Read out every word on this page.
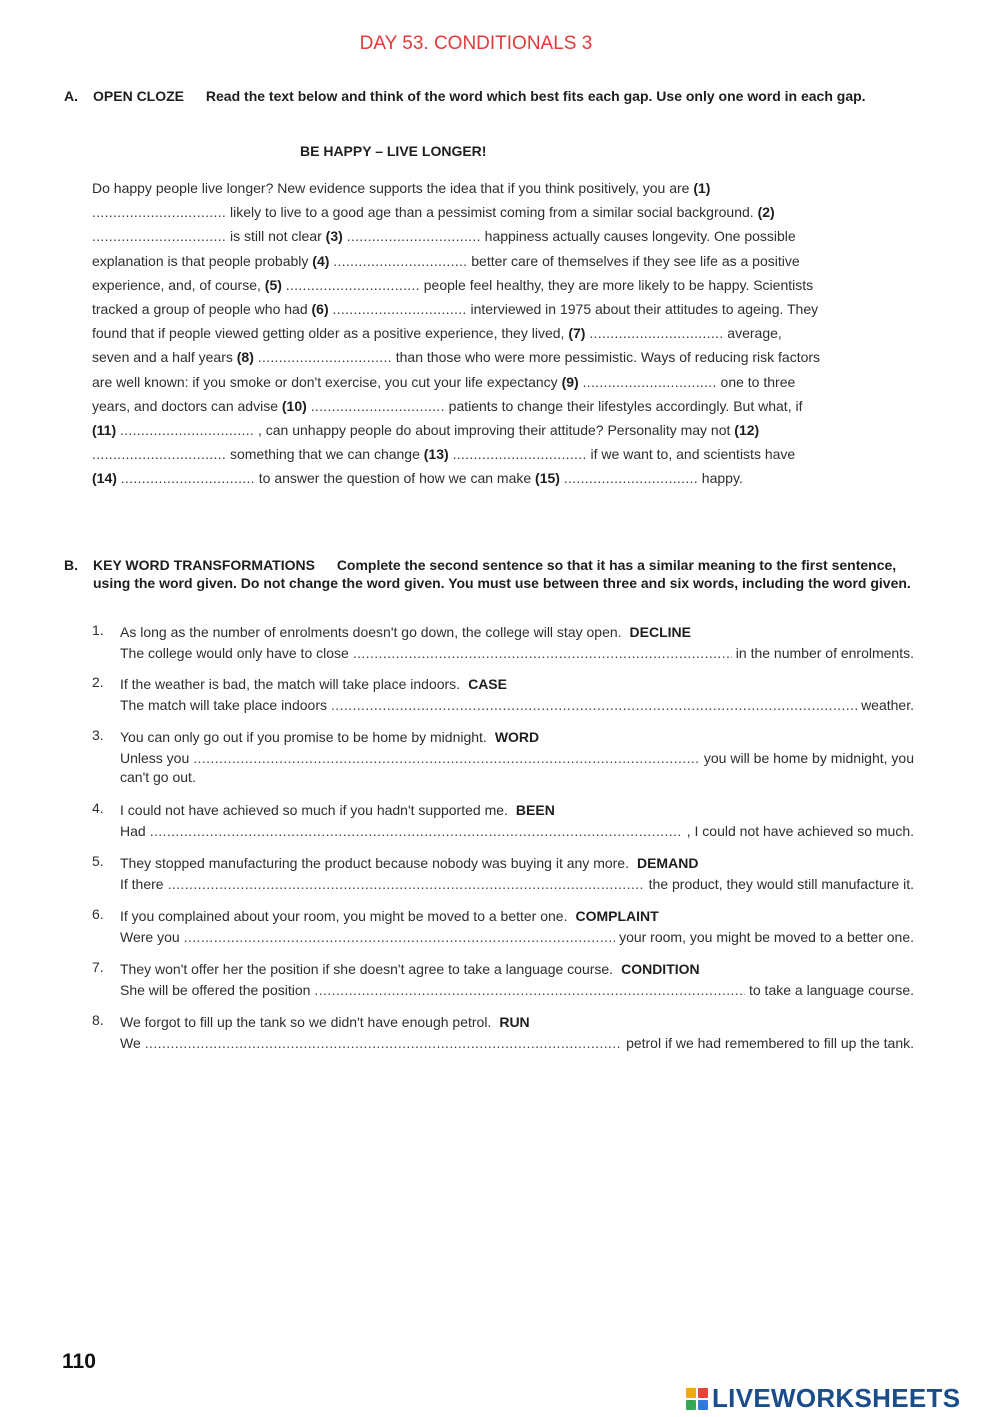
DAY 53. CONDITIONALS 3
A. OPEN CLOZE Read the text below and think of the word which best fits each gap. Use only one word in each gap.
BE HAPPY – LIVE LONGER!
Do happy people live longer? New evidence supports the idea that if you think positively, you are (1) ................................ likely to live to a good age than a pessimist coming from a similar social background. (2) ................................ is still not clear (3) ................................ happiness actually causes longevity. One possible explanation is that people probably (4) ................................ better care of themselves if they see life as a positive experience, and, of course, (5) ................................ people feel healthy, they are more likely to be happy. Scientists tracked a group of people who had (6) ................................ interviewed in 1975 about their attitudes to ageing. They found that if people viewed getting older as a positive experience, they lived, (7) ................................ average, seven and a half years (8) ................................ than those who were more pessimistic. Ways of reducing risk factors are well known: if you smoke or don't exercise, you cut your life expectancy (9) ................................ one to three years, and doctors can advise (10) ................................ patients to change their lifestyles accordingly. But what, if (11) ................................ , can unhappy people do about improving their attitude? Personality may not (12) ................................ something that we can change (13) ................................ if we want to, and scientists have (14) ................................ to answer the question of how we can make (15) ................................ happy.
B. KEY WORD TRANSFORMATIONS Complete the second sentence so that it has a similar meaning to the first sentence, using the word given. Do not change the word given. You must use between three and six words, including the word given.
1.	As long as the number of enrolments doesn't go down, the college will stay open. DECLINE
The college would only have to close .....	in the number of enrolments.
2.	If the weather is bad, the match will take place indoors. CASE
The match will take place indoors .....	weather.
3.	You can only go out if you promise to be home by midnight. WORD
Unless you .....	you will be home by midnight, you
can't go out.
4.	I could not have achieved so much if you hadn't supported me. BEEN
Had .....	, I could not have achieved so much.
5.	They stopped manufacturing the product because nobody was buying it any more. DEMAND
If there .....	the product, they would still manufacture it.
6.	If you complained about your room, you might be moved to a better one. COMPLAINT
Were you .....	your room, you might be moved to a better one.
7.	They won't offer her the position if she doesn't agree to take a language course. CONDITION
She will be offered the position .....	to take a language course.
8.	We forgot to fill up the tank so we didn't have enough petrol. RUN
We .....	petrol if we had remembered to fill up the tank.
110
LIVEWORKSHEETS
